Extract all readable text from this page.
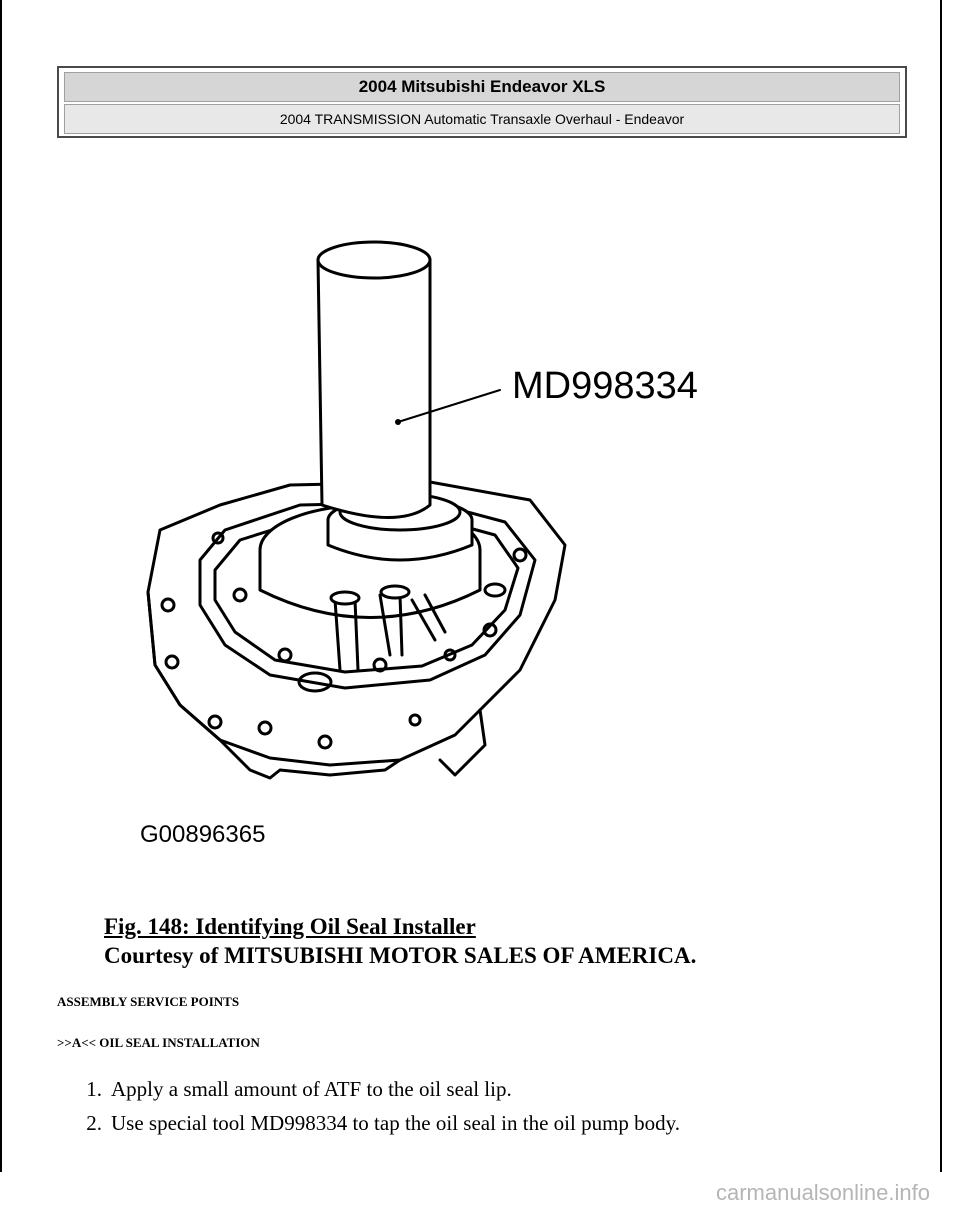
2004 Mitsubishi Endeavor XLS
2004 TRANSMISSION Automatic Transaxle Overhaul - Endeavor
MD998334
G00896365
Fig. 148: Identifying Oil Seal Installer
Courtesy of MITSUBISHI MOTOR SALES OF AMERICA.
ASSEMBLY SERVICE POINTS
>>A<< OIL SEAL INSTALLATION
1. Apply a small amount of ATF to the oil seal lip.
2. Use special tool MD998334 to tap the oil seal in the oil pump body.
carmanualsonline.info
